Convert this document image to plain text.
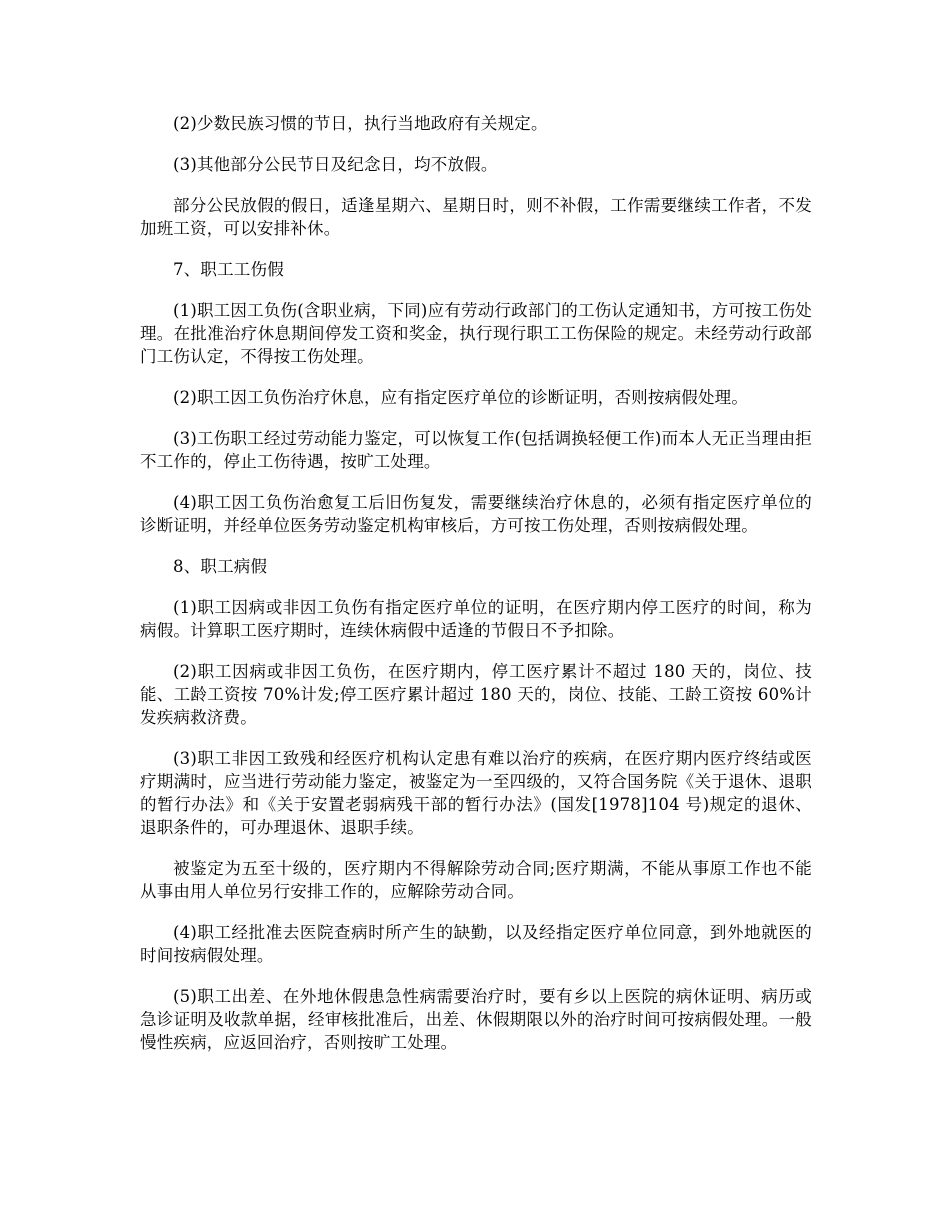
(2)少数民族习惯的节日，执行当地政府有关规定。

(3)其他部分公民节日及纪念日，均不放假。

部分公民放假的假日，适逢星期六、星期日时，则不补假，工作需要继续工作者，不发加班工资，可以安排补休。

7、职工工伤假

(1)职工因工负伤(含职业病，下同)应有劳动行政部门的工伤认定通知书，方可按工伤处理。在批准治疗休息期间停发工资和奖金，执行现行职工工伤保险的规定。未经劳动行政部门工伤认定，不得按工伤处理。

(2)职工因工负伤治疗休息，应有指定医疗单位的诊断证明，否则按病假处理。

(3)工伤职工经过劳动能力鉴定，可以恢复工作(包括调换轻便工作)而本人无正当理由拒不工作的，停止工伤待遇，按旷工处理。

(4)职工因工负伤治愈复工后旧伤复发，需要继续治疗休息的，必须有指定医疗单位的诊断证明，并经单位医务劳动鉴定机构审核后，方可按工伤处理，否则按病假处理。

8、职工病假

(1)职工因病或非因工负伤有指定医疗单位的证明，在医疗期内停工医疗的时间，称为病假。计算职工医疗期时，连续休病假中适逢的节假日不予扣除。

(2)职工因病或非因工负伤，在医疗期内，停工医疗累计不超过 180 天的，岗位、技能、工龄工资按 70%计发;停工医疗累计超过 180 天的，岗位、技能、工龄工资按 60%计发疾病救济费。

(3)职工非因工致残和经医疗机构认定患有难以治疗的疾病，在医疗期内医疗终结或医疗期满时，应当进行劳动能力鉴定，被鉴定为一至四级的，又符合国务院《关于退休、退职的暂行办法》和《关于安置老弱病残干部的暂行办法》(国发[1978]104 号)规定的退休、退职条件的，可办理退休、退职手续。

被鉴定为五至十级的，医疗期内不得解除劳动合同;医疗期满，不能从事原工作也不能从事由用人单位另行安排工作的，应解除劳动合同。

(4)职工经批准去医院查病时所产生的缺勤，以及经指定医疗单位同意，到外地就医的时间按病假处理。

(5)职工出差、在外地休假患急性病需要治疗时，要有乡以上医院的病休证明、病历或急诊证明及收款单据，经审核批准后，出差、休假期限以外的治疗时间可按病假处理。一般慢性疾病，应返回治疗，否则按旷工处理。
